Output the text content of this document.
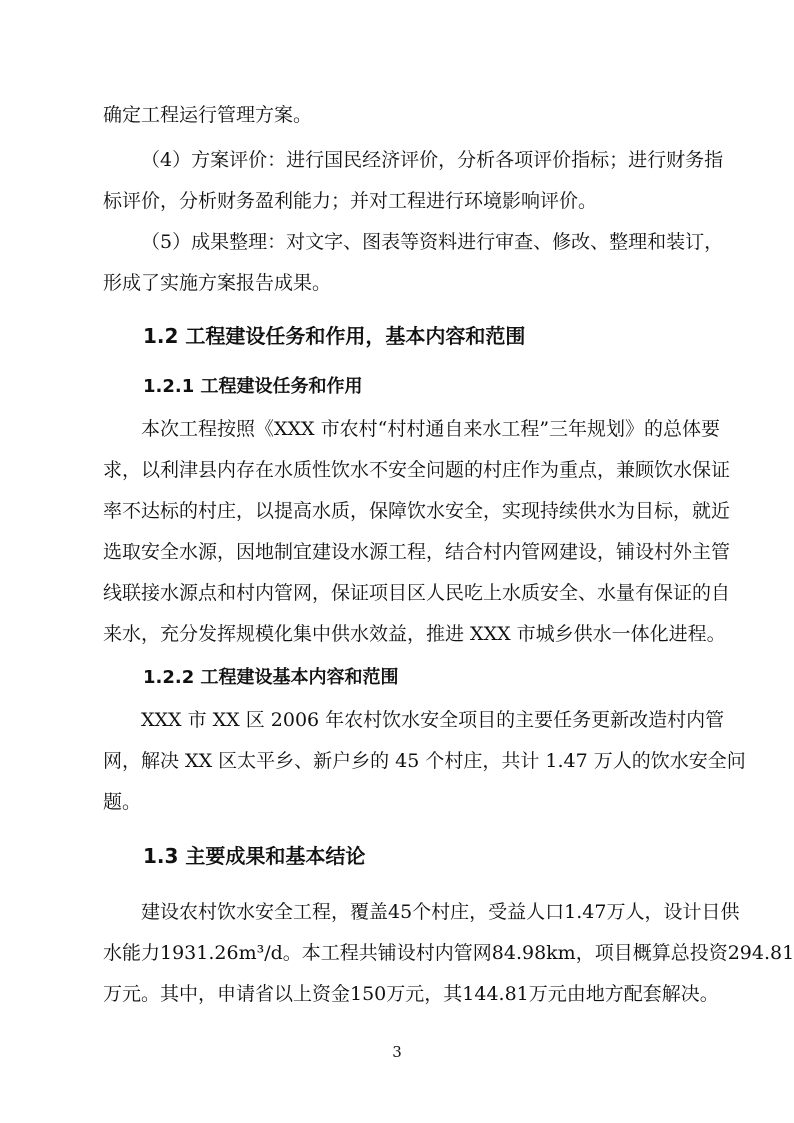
确定工程运行管理方案。
（4）方案评价：进行国民经济评价，分析各项评价指标；进行财务指
标评价，分析财务盈利能力；并对工程进行环境影响评价。
（5）成果整理：对文字、图表等资料进行审查、修改、整理和装订，
形成了实施方案报告成果。
1.2 工程建设任务和作用，基本内容和范围
1.2.1 工程建设任务和作用
本次工程按照《XXX 市农村“村村通自来水工程”三年规划》的总体要
求，以利津县内存在水质性饮水不安全问题的村庄作为重点，兼顾饮水保证
率不达标的村庄，以提高水质，保障饮水安全，实现持续供水为目标，就近
选取安全水源，因地制宜建设水源工程，结合村内管网建设，铺设村外主管
线联接水源点和村内管网，保证项目区人民吃上水质安全、水量有保证的自
来水，充分发挥规模化集中供水效益，推进 XXX 市城乡供水一体化进程。
1.2.2 工程建设基本内容和范围
XXX 市 XX 区 2006 年农村饮水安全项目的主要任务更新改造村内管
网，解决 XX 区太平乡、新户乡的 45 个村庄，共计 1.47 万人的饮水安全问
题。
1.3 主要成果和基本结论
建设农村饮水安全工程，覆盖45个村庄，受益人口1.47万人，设计日供
水能力1931.26m³/d。本工程共铺设村内管网84.98km，项目概算总投资294.81
万元。其中，申请省以上资金150万元，其144.81万元由地方配套解决。
3
